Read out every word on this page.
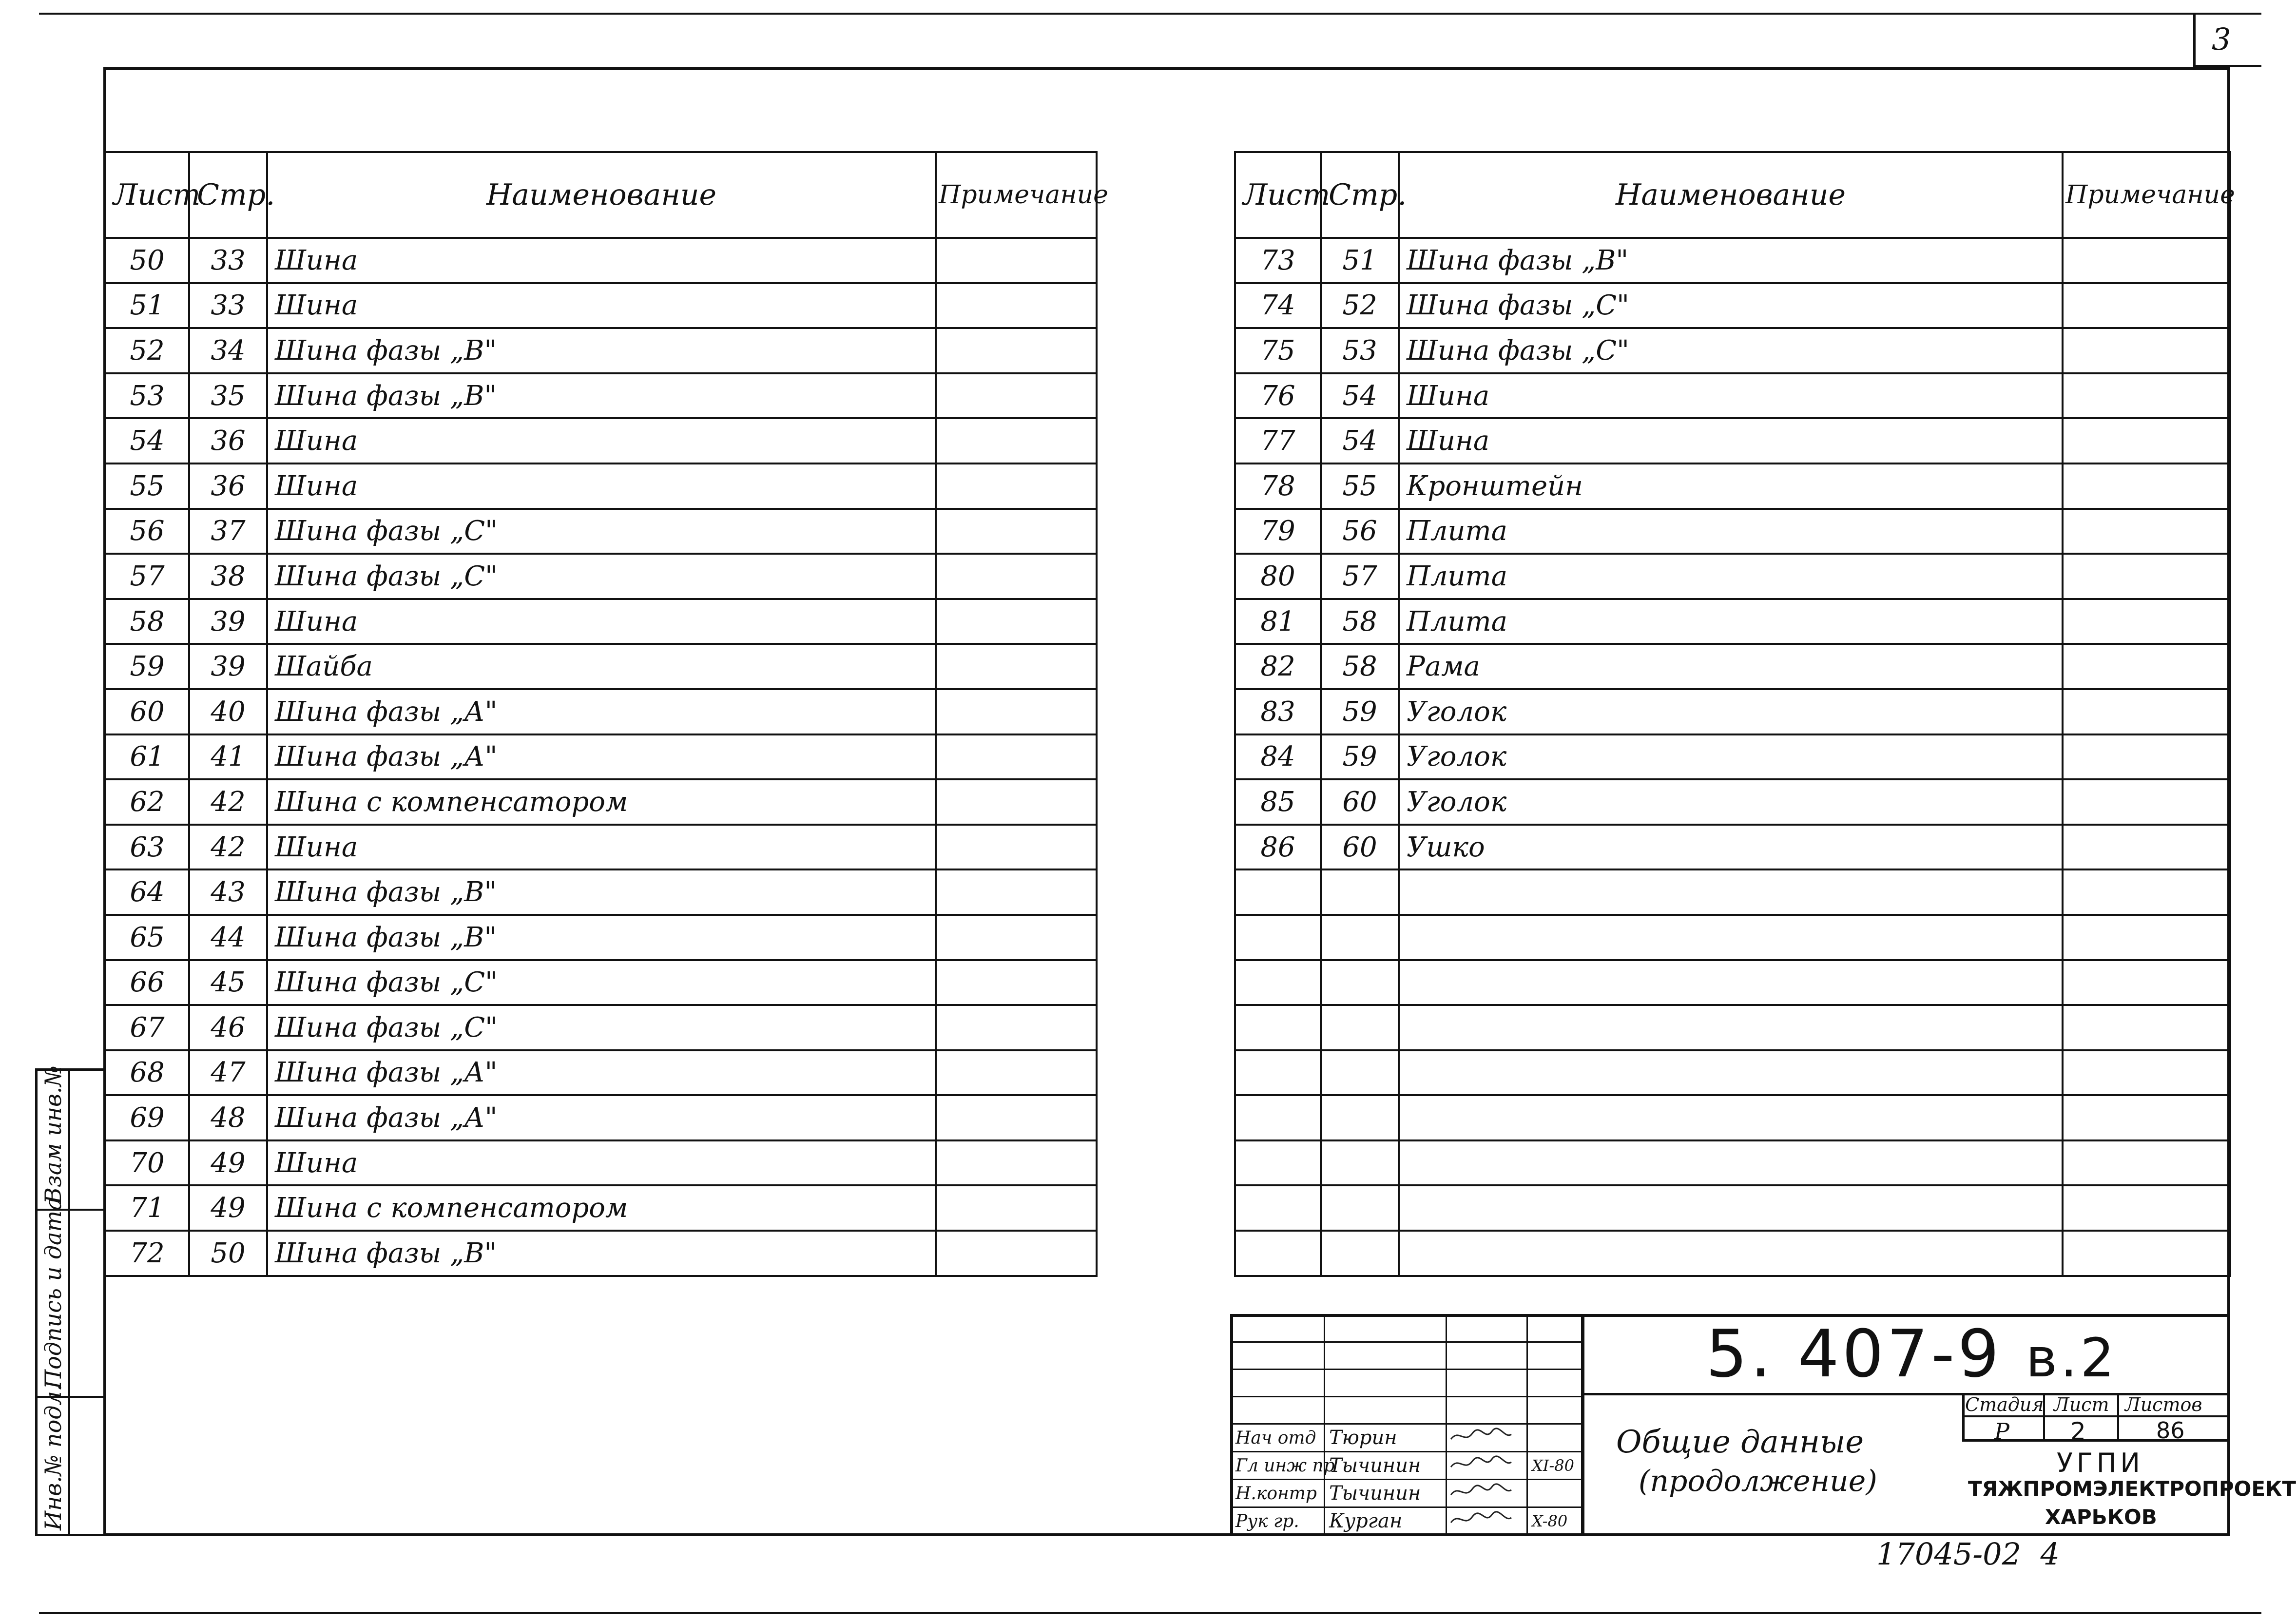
3
Взам инв.№
Подпись и дата
Инв.№ подл.
Лист	Стр.	Наименование	Примечание
50	33	Шина	
51	33	Шина	
52	34	Шина фазы „В"	
53	35	Шина фазы „В"	
54	36	Шина	
55	36	Шина	
56	37	Шина фазы „С"	
57	38	Шина фазы „С"	
58	39	Шина	
59	39	Шайба	
60	40	Шина фазы „А"	
61	41	Шина фазы „А"	
62	42	Шина с компенсатором	
63	42	Шина	
64	43	Шина фазы „В"	
65	44	Шина фазы „В"	
66	45	Шина фазы „С"	
67	46	Шина фазы „С"	
68	47	Шина фазы „А"	
69	48	Шина фазы „А"	
70	49	Шина	
71	49	Шина с компенсатором	
72	50	Шина фазы „В"	
Лист	Стр.	Наименование	Примечание
73	51	Шина фазы „В"	
74	52	Шина фазы „С"	
75	53	Шина фазы „С"	
76	54	Шина	
77	54	Шина	
78	55	Кронштейн	
79	56	Плита	
80	57	Плита	
81	58	Плита	
82	58	Рама	
83	59	Уголок	
84	59	Уголок	
85	60	Уголок	
86	60	Ушко	

Нач отд	Тюрин		
Гл инж пр	Тычинин		XI-80
Н.контр	Тычинин		
Рук гр.	Курган		X-80
5. 407-9 в.2
Общие данные
(продолжение)
Стадия Лист Листов
Р	2	86
УГПИ
ТЯЖПРОМЭЛЕКТРОПРОЕКТ
ХАРЬКОВ
17045-02  4
